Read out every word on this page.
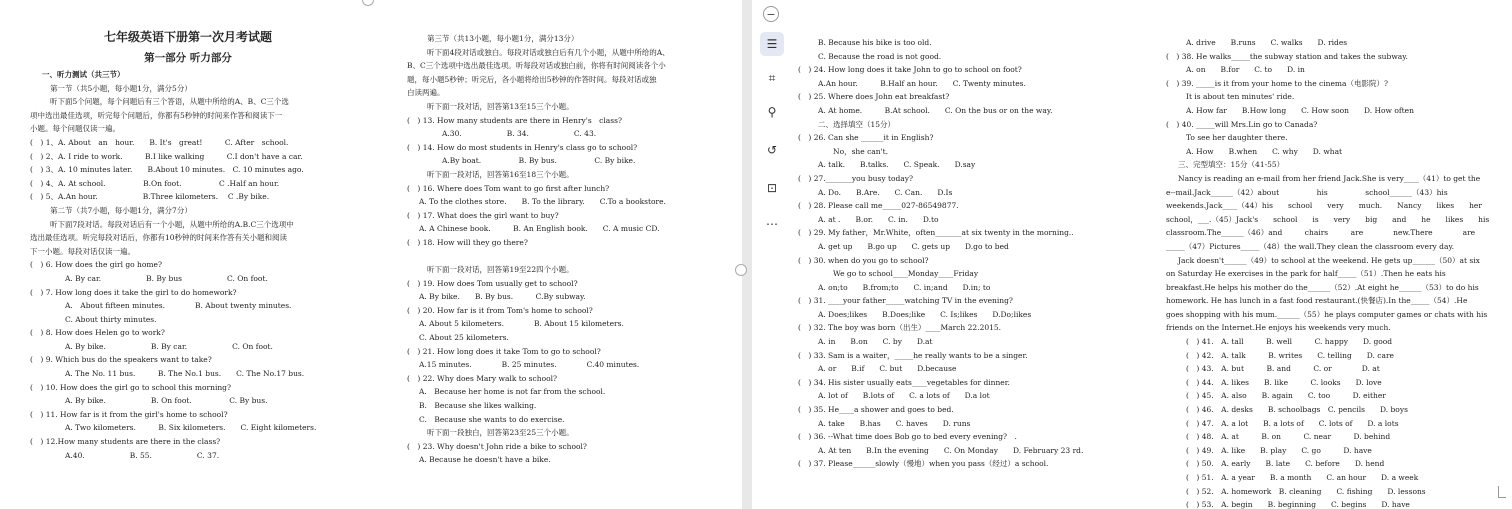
七年级英语下册第一次月考试题
第一部分 听力部分
一、听力测试（共三节）
第一节（共5小题，每小题1分，满分5分）
听下面5个问题，每个问题后有三个答语，从题中所给的A、B、C三个选
项中选出最佳选项，听完每个问题后，你都有5秒钟的时间来作答和阅读下一
小题。每个问题仅读一遍。
(　) 1、A. About　an　hour.　　B. It's　great!　　　C. After　school.
(　) 2、A. I ride to work.　　　B.I like walking　　　C.I don't have a car.
(　) 3、A. 10 minutes later.　　B.About 10 minutes.　C. 10 minutes ago.
(　) 4、A. At school.　　　　　B.On foot.　　　　　C .Half an hour.
(　) 5、A.An hour.　　　　　　B.Three kilometers.　 C .By bike.
第二节（共7小题，每小题1分，满分7分）
听下面7段对话。每段对话后有一个小题，从题中所给的A.B.C三个选项中
选出最佳选项。听完每段对话后，你都有10秒钟的时间来作答有关小题和阅读
下一小题。每段对话仅读一遍。
(　) 6. How does the girl go home?
A. By car.　　　　　　B. By bus　　　　　　C. On foot.
(　) 7. How long does it take the girl to do homework?
A.　About fifteen minutes.　　　　B. About twenty minutes.
C. About thirty minutes.
(　) 8. How does Helen go to work?
A. By bike.　　　　　　B. By car.　　　　　　C. On foot.
(　) 9. Which bus do the speakers want to take?
A. The No. 11 bus.　　　B. The No.1 bus.　　C. The No.17 bus.
(　) 10. How does the girl go to school this morning?
A. By bike.　　　　　　B. On foot.　　　　　C. By bus.
(　) 11. How far is it from the girl's home to school?
A. Two kilometers.　　　B. Six kilometers.　　C. Eight kilometers.
(　) 12.How many students are there in the class?
A.40.　　　　　　B. 55.　　　　　　C. 37.
第三节（共13小题，每小题1分，满分13分）
听下面4段对话或独白。每段对话或独白后有几个小题，从题中所给的A、
B、C三个选项中选出最佳选项。听每段对话或独白前，你将有时间阅读各个小
题，每小题5秒钟；听完后，各小题将给出5秒钟的作答时间。每段对话或独
白读两遍。
听下面一段对话，回答第13至15三个小题。
(　) 13. How many students are there in Henry's　class?
A.30.　　　　　　B. 34.　　　　　　C. 43.
(　) 14. How do most students in Henry's class go to school?
A.By boat.　　　　　B. By bus.　　　　　C. By bike.
听下面一段对话，回答第16至18三个小题。
(　) 16. Where does Tom want to go first after lunch?
A. To the clothes store.　　B. To the library.　　C.To a bookstore.
(　) 17. What does the girl want to buy?
A. A Chinese book.　　　B. An English book.　　C. A music CD.
(　) 18. How will they go there?
听下面一段对话，回答第19至22四个小题。
(　) 19. How does Tom usually get to school?
A. By bike.　　B. By bus.　　　C.By subway.
(　) 20. How far is it from Tom's home to school?
A. About 5 kilometers.　　　　B. About 15 kilometers.
C. About 25 kilometers.
(　) 21. How long does it take Tom to go to school?
A.15 minutes.　　　　B. 25 minutes.　　　　C.40 minutes.
(　) 22. Why does Mary walk to school?
A.　Because her home is not far from the school.
B.　Because she likes walking.
C.　Because she wants to do exercise.
听下面一段独白，回答第23至25三个小题。
(　) 23. Why doesn't John ride a bike to school?
A. Because he doesn't have a bike.
B. Because his bike is too old.
C. Because the road is not good.
(　) 24. How long does it take John to go to school on foot?
A.An hour.　　　B.Half an hour.　　C. Twenty minutes.
(　) 25. Where does John eat breakfast?
A. At home.　　　B.At school.　　C. On the bus or on the way.
二、选择填空（15分）
(　) 26. Can she ______it in English?
No，she can't.
A. talk.　　B.talks.　　C. Speak.　　D.say
(　) 27._______you busy today?
A. Do.　　B.Are.　　C. Can.　　D.Is
(　) 28. Please call me_____027-86549877.
A. at .　　B.or.　　C. in.　　D.to
(　) 29. My father，Mr.White，often_______at six twenty in the morning..
A. get up　　B.go up　　C. gets up　　D.go to bed
(　) 30. when do you go to school?
We go to school____Monday____Friday
A. on;to　　B.from;to　　C. in;and　　D.in; to
(　) 31. ____your father_____watching TV in the evening?
A. Does;likes　　B.Does;like　　C. Is;likes　　D.Do;likes
(　) 32. The boy was born（出生）____March 22.2015.
A. in　　B.on　　C. by　　D.at
(　) 33. Sam is a waiter，_____he really wants to be a singer.
A. or　　B.if　　C. but　　D.because
(　) 34. His sister usually eats____vegetables for dinner.
A. lot of　　B.lots of　　C. a lots of　　D.a lot
(　) 35. He____a shower and goes to bed.
A. take　　B.has　　C. haves　　D. runs
(　) 36. --What time does Bob go to bed every evening?　.
A. At ten　　B.In the evening　　C. On Monday　　D. February 23 rd.
(　) 37. Please______slowly（慢地）when you pass（经过）a school.
A. drive　　B.runs　　C. walks　　D. rides
(　) 38. He walks_____the subway station and takes the subway.
A. on　　B.for　　C. to　　D. in
(　) 39. _____is it from your home to the cinema（电影院）?
It is about ten minutes' ride.
A. How far　　B.How long　　C. How soon　　D. How often
(　) 40. _____will Mrs.Lin go to Canada?
To see her daughter there.
A. How　　B.when　　C. why　　D. what
三、完型填空：15分（41-55）
Nancy is reading an e-mail from her friend Jack.She is very____（41）to get the
e--mail.Jack______（42）about　　　　　his　　　　　school______（43）his
weekends.Jack____（44）his　　school　　very　　much.　　Nancy　　likes　　her
school，___.（45）Jack's　　school　　is　　very　　big　　and　　he　　likes　　his
classroom.The______（46）and　　　chairs　　　are　　　　new.There　　　　are
_____（47）Pictures_____（48）the wall.They clean the classroom every day.
Jack doesn't______（49）to school at the weekend. He gets up______（50）at six
on Saturday He exercises in the park for half_____（51）.Then he eats his
breakfast.He helps his mother do the______（52）.At eight he______（53）to do his
homework. He has lunch in a fast food restaurant.(快餐店).In the_____（54）.He
goes shopping with his mum.______（55）he plays computer games or chats with his
friends on the Internet.He enjoys his weekends very much.
(　) 41.　A. tall　　　B. well　　　C. happy　　D. good
(　) 42.　A. talk　　　B. writes　　C. telling　　D. care
(　) 43.　A. but　　　B. and　　　C. or　　　　D. at
(　) 44.　A. likes　　B. like　　　C. looks　　D. love
(　) 45.　A. also　　B. again　　C. too　　　D. either
(　) 46.　A. desks　　B. schoolbags　C. pencils　　D. boys
(　) 47.　A. a lot　　B. a lots of　　C. lots of　　D. a lots
(　) 48.　A. at　　　B. on　　　C. near　　　D. behind
(　) 49.　A. like　　B. play　　C. go　　　D. have
(　) 50.　A. early　　B. late　　C. before　　D. hend
(　) 51.　A. a year　　B. a month　　C. an hour　　D. a week
(　) 52.　A. homework　B. cleaning　　C. fishing　　D. lessons
(　) 53.　A. begin　　B. beginning　　C. begins　　D. have
−
☰
⌗
⚲
↺
⊡
⋯
